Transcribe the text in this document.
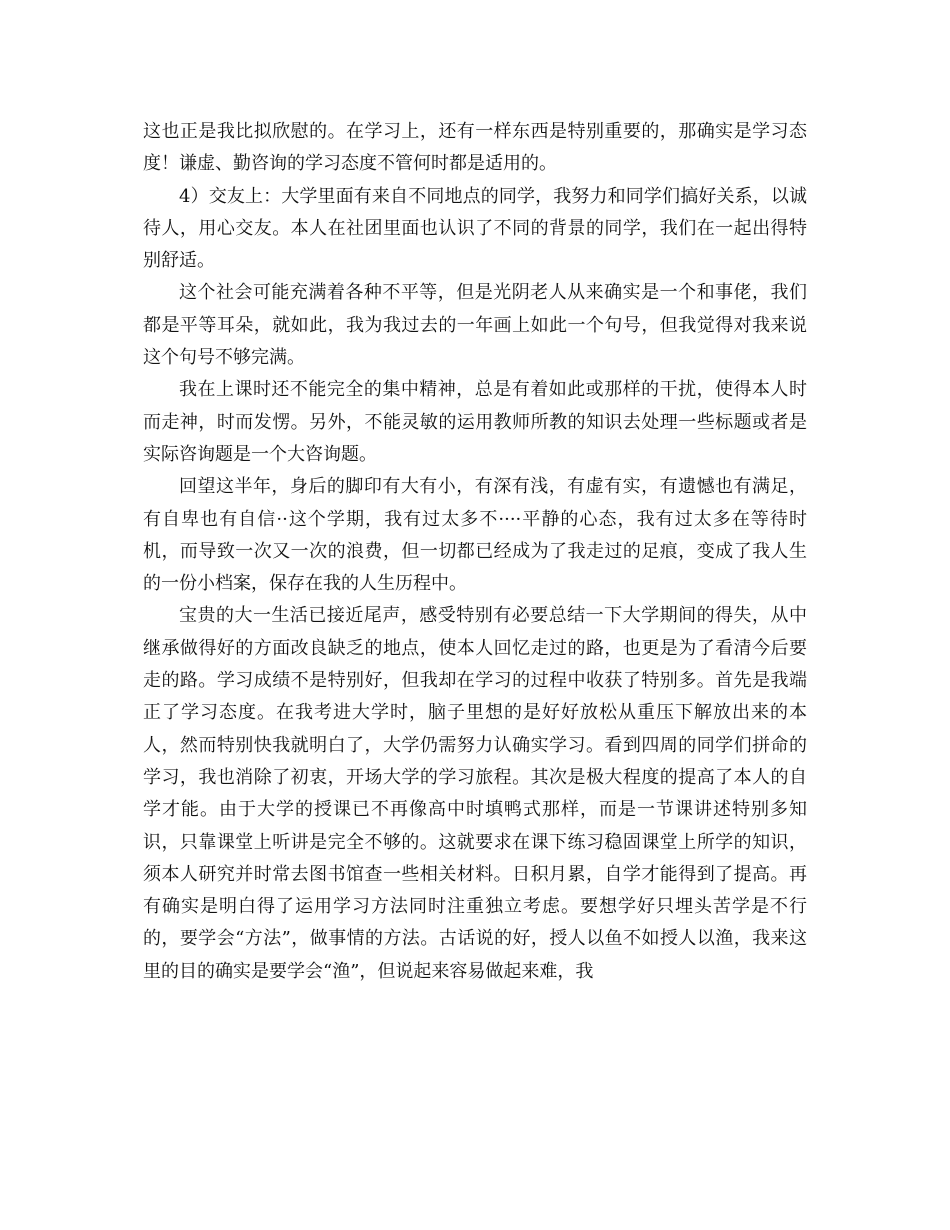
这也正是我比拟欣慰的。在学习上，还有一样东西是特别重要的，那确实是学习态度！谦虚、勤咨询的学习态度不管何时都是适用的。

4）交友上：大学里面有来自不同地点的同学，我努力和同学们搞好关系，以诚待人，用心交友。本人在社团里面也认识了不同的背景的同学，我们在一起出得特别舒适。

这个社会可能充满着各种不平等，但是光阴老人从来确实是一个和事佬，我们都是平等耳朵，就如此，我为我过去的一年画上如此一个句号，但我觉得对我来说这个句号不够完满。

我在上课时还不能完全的集中精神，总是有着如此或那样的干扰，使得本人时而走神，时而发愣。另外，不能灵敏的运用教师所教的知识去处理一些标题或者是实际咨询题是一个大咨询题。

回望这半年，身后的脚印有大有小，有深有浅，有虚有实，有遗憾也有满足，有自卑也有自信··这个学期，我有过太多不····平静的心态，我有过太多在等待时机，而导致一次又一次的浪费，但一切都已经成为了我走过的足痕，变成了我人生的一份小档案，保存在我的人生历程中。

宝贵的大一生活已接近尾声，感受特别有必要总结一下大学期间的得失，从中继承做得好的方面改良缺乏的地点，使本人回忆走过的路，也更是为了看清今后要走的路。学习成绩不是特别好，但我却在学习的过程中收获了特别多。首先是我端正了学习态度。在我考进大学时，脑子里想的是好好放松从重压下解放出来的本人，然而特别快我就明白了，大学仍需努力认确实学习。看到四周的同学们拼命的学习，我也消除了初衷，开场大学的学习旅程。其次是极大程度的提高了本人的自学才能。由于大学的授课已不再像高中时填鸭式那样，而是一节课讲述特别多知识，只靠课堂上听讲是完全不够的。这就要求在课下练习稳固课堂上所学的知识，须本人研究并时常去图书馆查一些相关材料。日积月累，自学才能得到了提高。再有确实是明白得了运用学习方法同时注重独立考虑。要想学好只埋头苦学是不行的，要学会“方法”，做事情的方法。古话说的好，授人以鱼不如授人以渔，我来这里的目的确实是要学会“渔”，但说起来容易做起来难，我
